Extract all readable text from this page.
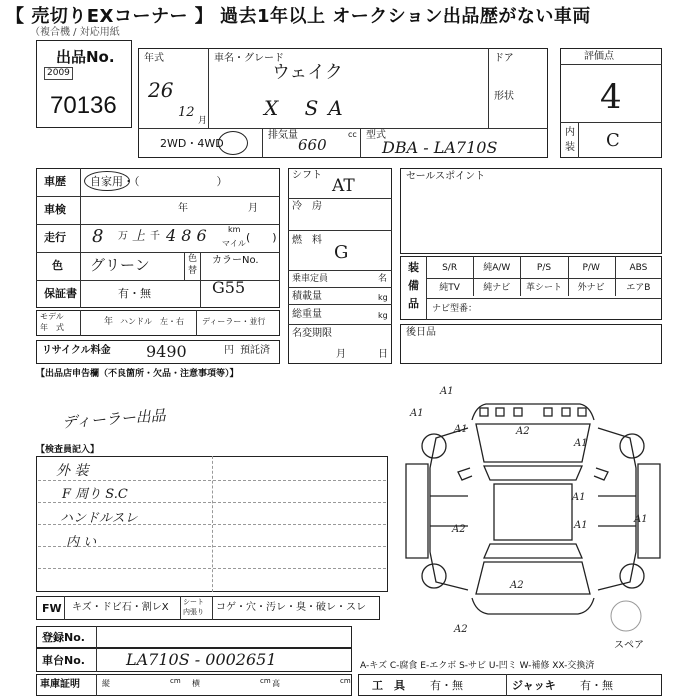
【 売切りEXコーナー 】 過去1年以上 オークション出品歴がない車両
（複合機 / 対応用紙
出品No.
2009
70136
年式
26
12
月
車名・グレード
ウェイク
X SA
ドア
形状
2WD・4WD
排気量
660
cc 型式
DBA - LA710S
評価点
4
内
装 C
車歴 自家用・（　　　　　　　）
車検	年	月
走行 8 万 上 千 4 8 6	km
マイル (　　)
色 グリーン	色
替
カラーNo.
G55
保証書	有・無
モデル
年　式
年 ハンドル　左・右 ディーラー・並行
リサイクル料金 9490	円 預託済
シフト
AT
冷　房
燃　料
G
乗車定員	名
積載量	kg
総重量	kg
名変期限
月	日
セールスポイント
装
備
品 ナビ型番：
後日品
【出品店申告欄（不良箇所・欠品・注意事項等）】
ディーラー出品
【検査員記入】
外 装
F 周り S.C
ハンドルスレ
内 い
A1
A1
A1	A2
A1
A1
A2	A1
A1
A2
A2
スペア
FW キズ・ドビ石・割レX シート
内張り コゲ・穴・汚レ・臭・破レ・スレ
登録No.
車台No.	LA710S - 0002651	A-キズ C-腐食 E-エクボ S-サビ U-凹ミ W-補修 XX-交換済
車庫証明	縦	cm 横	cm 高	cm 工　具 有・無	ジャッキ 有・無
S/R	純A/W	P/S	P/W	ABS
純TV	純ナビ	革シート	外ナビ	エアB
